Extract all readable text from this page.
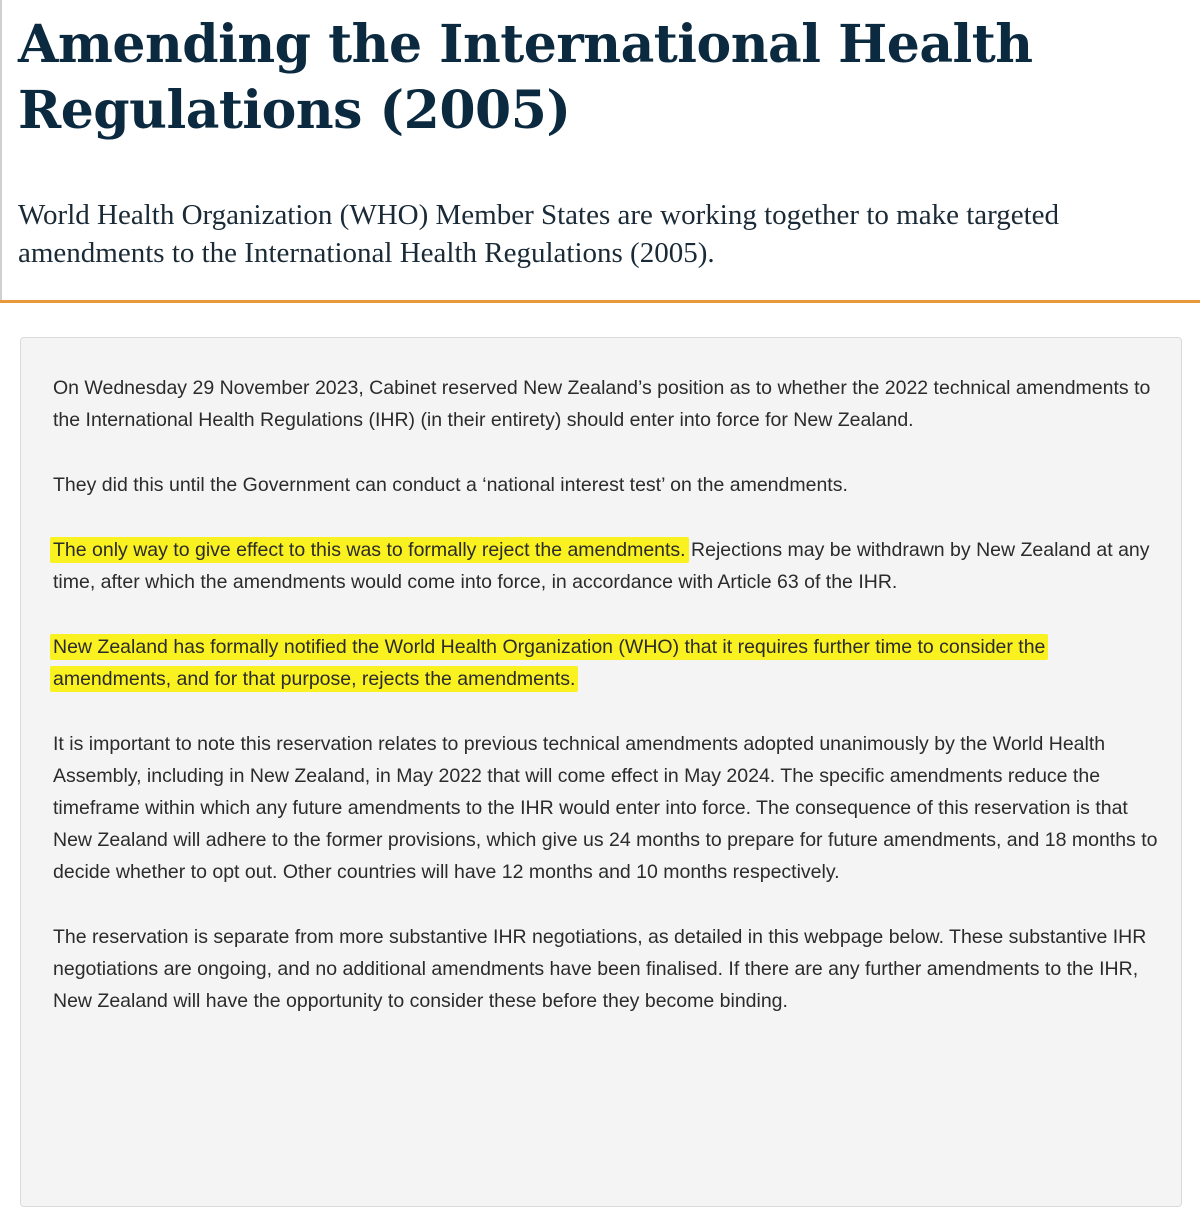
Amending the International Health Regulations (2005)

World Health Organization (WHO) Member States are working together to make targeted amendments to the International Health Regulations (2005).

On Wednesday 29 November 2023, Cabinet reserved New Zealand’s position as to whether the 2022 technical amendments to the International Health Regulations (IHR) (in their entirety) should enter into force for New Zealand.

They did this until the Government can conduct a ‘national interest test’ on the amendments.

The only way to give effect to this was to formally reject the amendments. Rejections may be withdrawn by New Zealand at any time, after which the amendments would come into force, in accordance with Article 63 of the IHR.

New Zealand has formally notified the World Health Organization (WHO) that it requires further time to consider the amendments, and for that purpose, rejects the amendments.

It is important to note this reservation relates to previous technical amendments adopted unanimously by the World Health Assembly, including in New Zealand, in May 2022 that will come effect in May 2024. The specific amendments reduce the timeframe within which any future amendments to the IHR would enter into force. The consequence of this reservation is that New Zealand will adhere to the former provisions, which give us 24 months to prepare for future amendments, and 18 months to decide whether to opt out. Other countries will have 12 months and 10 months respectively.

The reservation is separate from more substantive IHR negotiations, as detailed in this webpage below. These substantive IHR negotiations are ongoing, and no additional amendments have been finalised. If there are any further amendments to the IHR, New Zealand will have the opportunity to consider these before they become binding.
